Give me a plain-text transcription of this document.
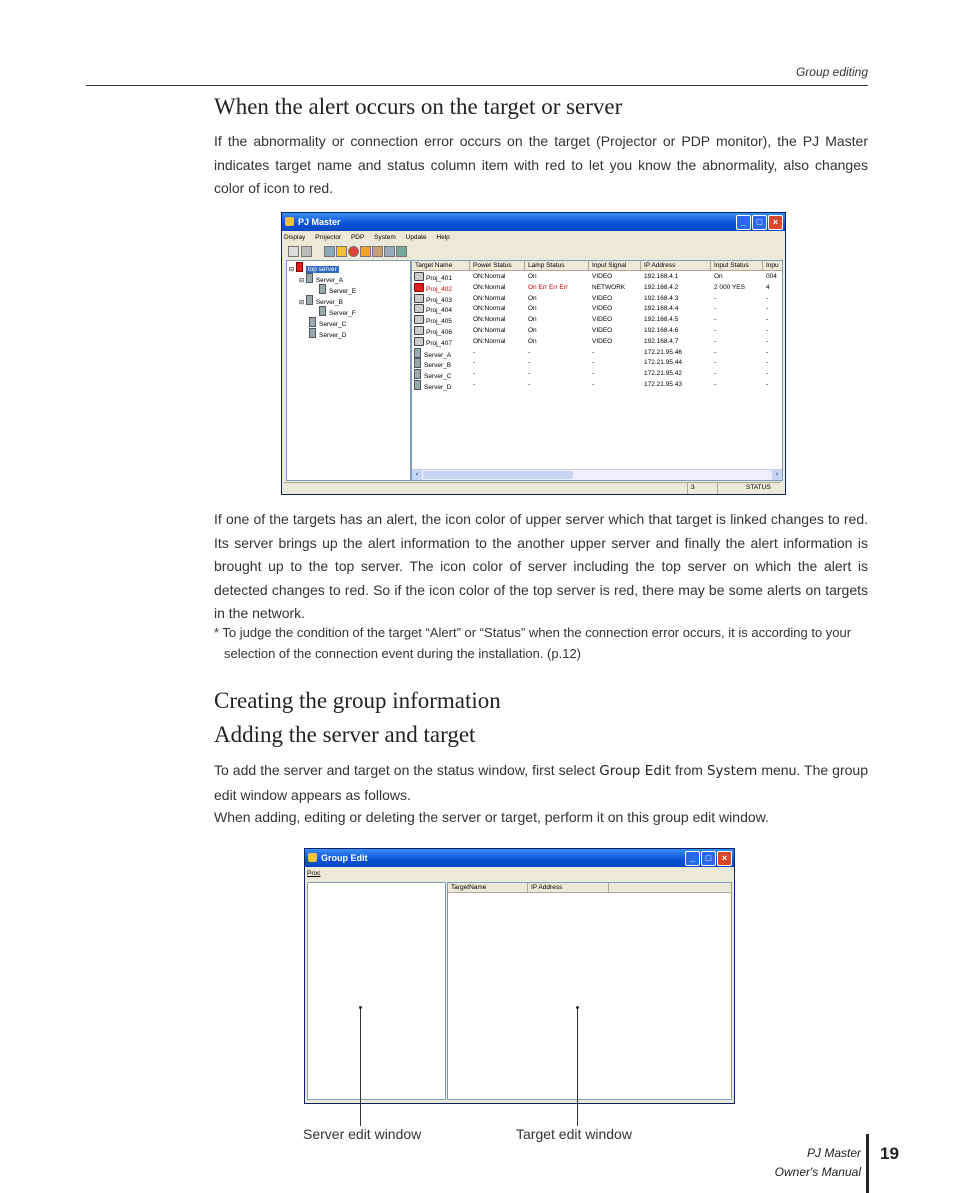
Group editing
When the alert occurs on the target or server
If the abnormality or connection error occurs on the target (Projector or PDP monitor), the PJ Master indicates target name and status column item with red to let you know the abnormality, also changes color of icon to red.
PJ Master	_	□	×
Display Projector PDP System Update Help
⊟ top server
⊟ Server_A
Server_E
⊟ Server_B
Server_F
Server_C
Server_D
Target Name	Power Status	Lamp Status	Input Signal	IP Address	Input Status	Inpu
Proj_401	ON:Normal	On	VIDEO	192.168.4.1	On	004
Proj_402	ON:Normal	On Err Err Err	NETWORK	192.168.4.2	2 000 YES	4
Proj_403	ON:Normal	On	VIDEO	192.168.4.3	-	-
Proj_404	ON:Normal	On	VIDEO	192.168.4.4	-	-
Proj_405	ON:Normal	On	VIDEO	192.168.4.5	-	-
Proj_406	ON:Normal	On	VIDEO	192.168.4.6	-	-
Proj_407	ON:Normal	On	VIDEO	192.168.4.7	-	-
Server_A	-	-	-	172.21.95.46	-	-
Server_B	-	-	-	172.21.95.44	-	-
Server_C	-	-	-	172.21.95.42	-	-
Server_D	-	-	-	172.21.95.43	-	-
‹	›
3	STATUS
If one of the targets has an alert, the icon color of upper server which that target is linked changes to red. Its server brings up the alert information to the another upper server and finally the alert information is brought up to the top server. The icon color of server including the top server on which the alert is detected changes to red. So if the icon color of the top server is red, there may be some alerts on targets in the network.
* To judge the condition of the target “Alert” or “Status” when the connection error occurs, it is according to your selection of the connection event during the installation. (p.12)
Creating the group information
Adding the server and target
To add the server and target on the status window, first select Group Edit from System menu. The group edit window appears as follows.
When adding, editing or deleting the server or target, perform it on this group edit window.
Group Edit	_	□	×
Proc
TargetName	IP Address
Server edit window	Target edit window
PJ Master
Owner's Manual
19
